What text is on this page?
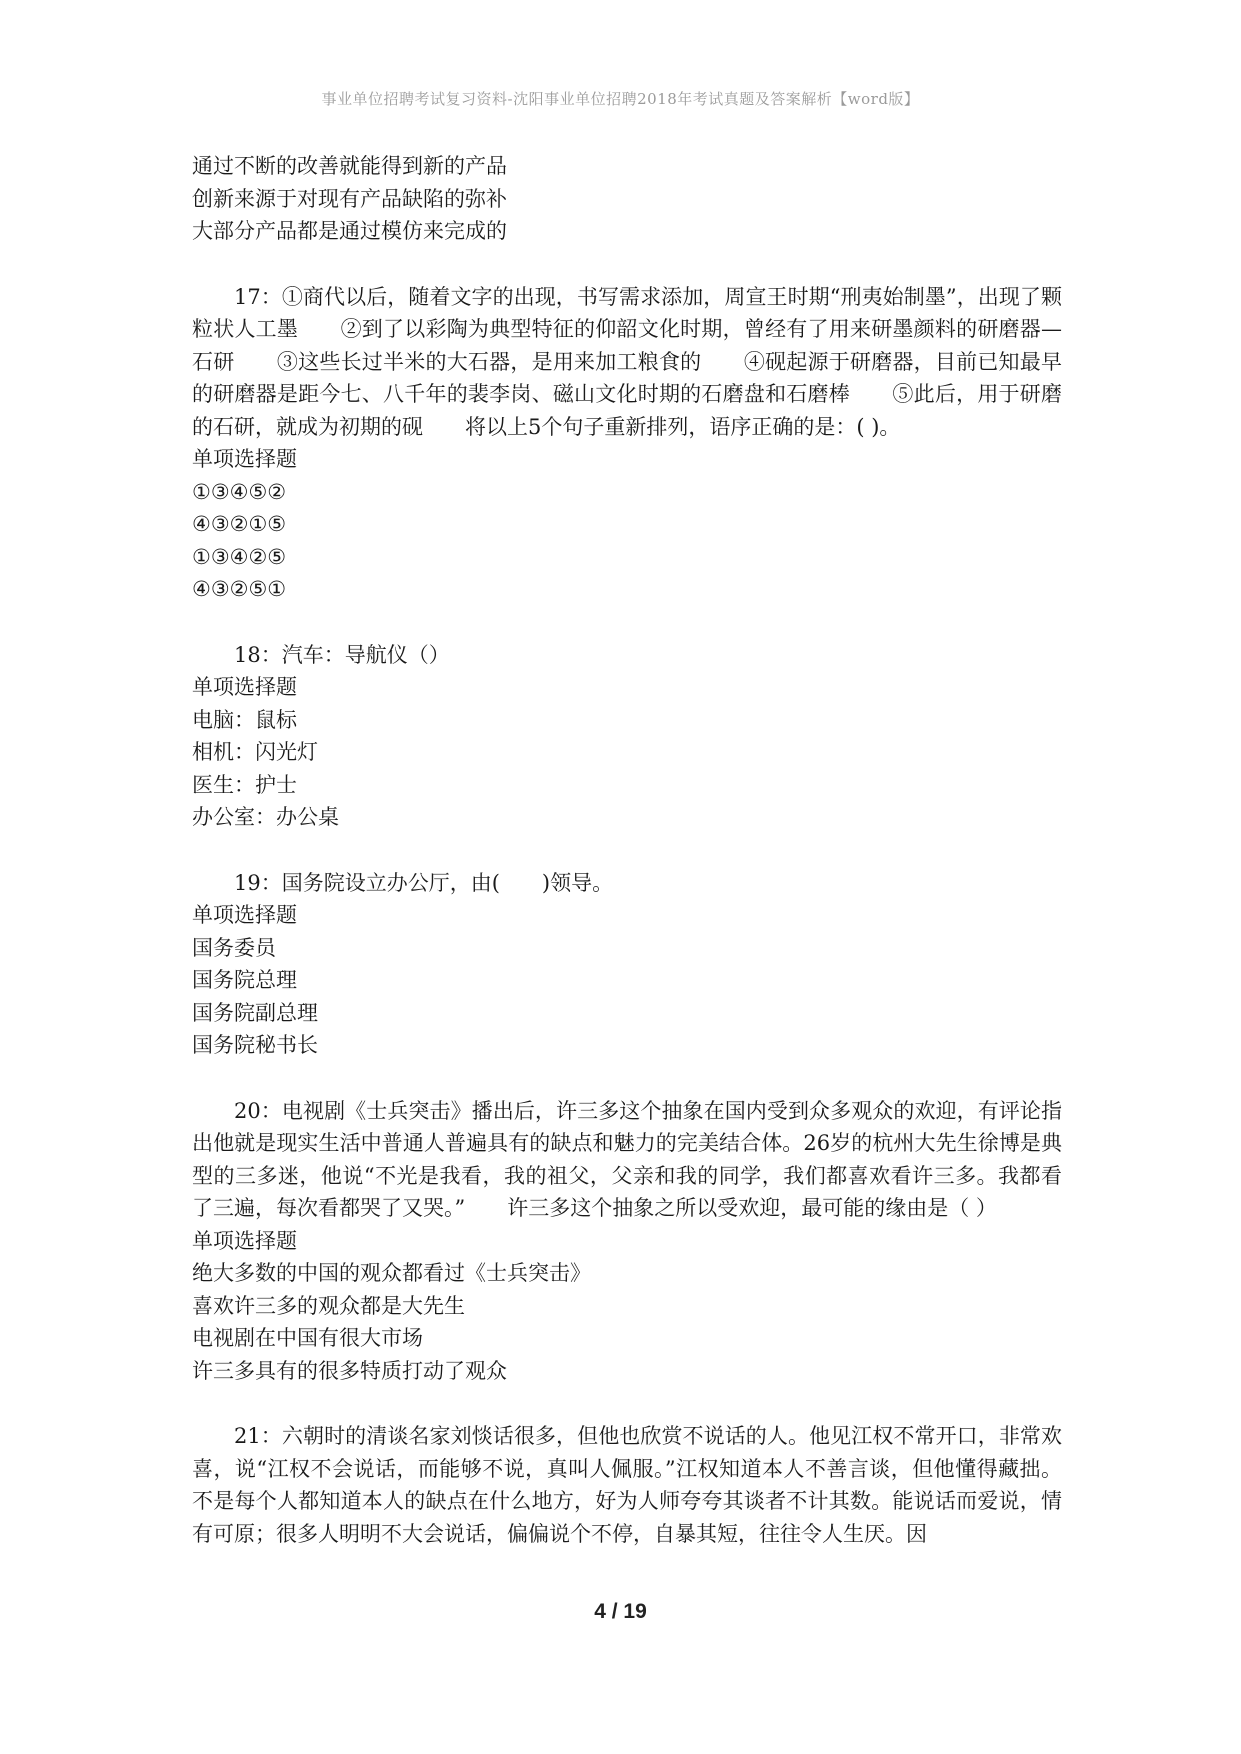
事业单位招聘考试复习资料-沈阳事业单位招聘2018年考试真题及答案解析【word版】
通过不断的改善就能得到新的产品
创新来源于对现有产品缺陷的弥补
大部分产品都是通过模仿来完成的
17：①商代以后，随着文字的出现，书写需求添加，周宣王时期“刑夷始制墨”，出现了颗粒状人工墨　　②到了以彩陶为典型特征的仰韶文化时期，曾经有了用来研墨颜料的研磨器—石研　　③这些长过半米的大石器，是用来加工粮食的　　④砚起源于研磨器，目前已知最早的研磨器是距今七、八千年的裴李岗、磁山文化时期的石磨盘和石磨棒　　⑤此后，用于研磨的石研，就成为初期的砚　　将以上5个句子重新排列，语序正确的是：( )。
单项选择题
①③④⑤②
④③②①⑤
①③④②⑤
④③②⑤①
18：汽车：导航仪（）
单项选择题
电脑：鼠标
相机：闪光灯
医生：护士
办公室：办公桌
19：国务院设立办公厅，由(　　)领导。
单项选择题
国务委员
国务院总理
国务院副总理
国务院秘书长
20：电视剧《士兵突击》播出后，许三多这个抽象在国内受到众多观众的欢迎，有评论指出他就是现实生活中普通人普遍具有的缺点和魅力的完美结合体。26岁的杭州大先生徐博是典型的三多迷，他说“不光是我看，我的祖父，父亲和我的同学，我们都喜欢看许三多。我都看了三遍，每次看都哭了又哭。”　　许三多这个抽象之所以受欢迎，最可能的缘由是（ ）
单项选择题
绝大多数的中国的观众都看过《士兵突击》
喜欢许三多的观众都是大先生
电视剧在中国有很大市场
许三多具有的很多特质打动了观众
21：六朝时的清谈名家刘惔话很多，但他也欣赏不说话的人。他见江权不常开口，非常欢喜，说“江权不会说话，而能够不说，真叫人佩服。”江权知道本人不善言谈，但他懂得藏拙。不是每个人都知道本人的缺点在什么地方，好为人师夸夸其谈者不计其数。能说话而爱说，情有可原；很多人明明不大会说话，偏偏说个不停，自暴其短，往往令人生厌。因
4 / 19
